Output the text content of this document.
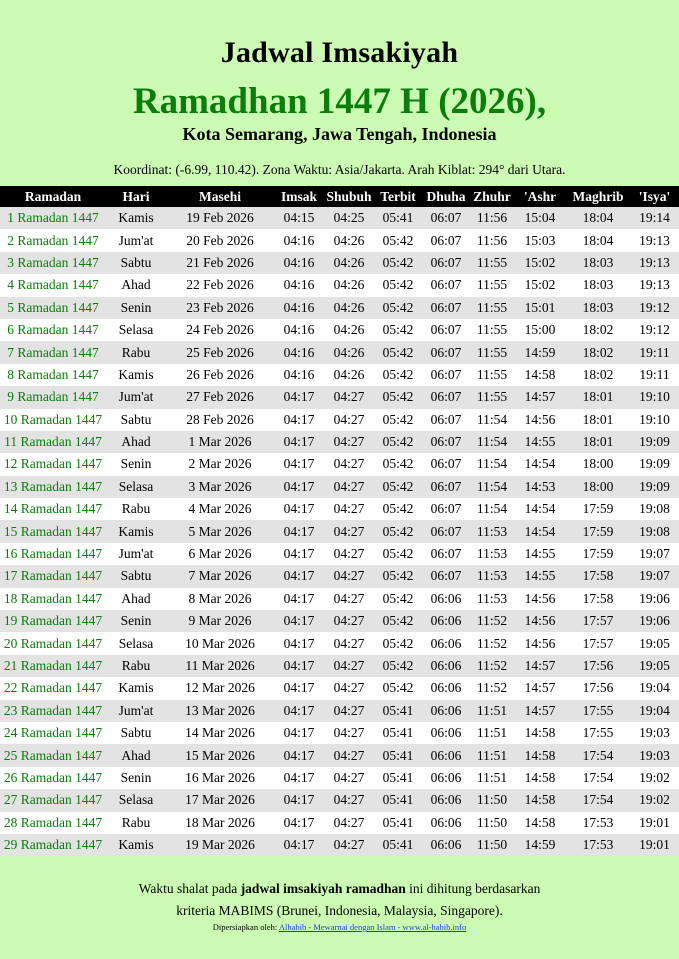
Jadwal Imsakiyah
Ramadhan 1447 H (2026),
Kota Semarang, Jawa Tengah, Indonesia
Koordinat: (-6.99, 110.42). Zona Waktu: Asia/Jakarta. Arah Kiblat: 294° dari Utara.
Ramadan	Hari	Masehi	Imsak	Shubuh	Terbit	Dhuha	Zhuhr	'Ashr	Maghrib	'Isya'
1 Ramadan 1447	Kamis	19 Feb 2026	04:15	04:25	05:41	06:07	11:56	15:04	18:04	19:14
2 Ramadan 1447	Jum'at	20 Feb 2026	04:16	04:26	05:42	06:07	11:56	15:03	18:04	19:13
3 Ramadan 1447	Sabtu	21 Feb 2026	04:16	04:26	05:42	06:07	11:55	15:02	18:03	19:13
4 Ramadan 1447	Ahad	22 Feb 2026	04:16	04:26	05:42	06:07	11:55	15:02	18:03	19:13
5 Ramadan 1447	Senin	23 Feb 2026	04:16	04:26	05:42	06:07	11:55	15:01	18:03	19:12
6 Ramadan 1447	Selasa	24 Feb 2026	04:16	04:26	05:42	06:07	11:55	15:00	18:02	19:12
7 Ramadan 1447	Rabu	25 Feb 2026	04:16	04:26	05:42	06:07	11:55	14:59	18:02	19:11
8 Ramadan 1447	Kamis	26 Feb 2026	04:16	04:26	05:42	06:07	11:55	14:58	18:02	19:11
9 Ramadan 1447	Jum'at	27 Feb 2026	04:17	04:27	05:42	06:07	11:55	14:57	18:01	19:10
10 Ramadan 1447	Sabtu	28 Feb 2026	04:17	04:27	05:42	06:07	11:54	14:56	18:01	19:10
11 Ramadan 1447	Ahad	1 Mar 2026	04:17	04:27	05:42	06:07	11:54	14:55	18:01	19:09
12 Ramadan 1447	Senin	2 Mar 2026	04:17	04:27	05:42	06:07	11:54	14:54	18:00	19:09
13 Ramadan 1447	Selasa	3 Mar 2026	04:17	04:27	05:42	06:07	11:54	14:53	18:00	19:09
14 Ramadan 1447	Rabu	4 Mar 2026	04:17	04:27	05:42	06:07	11:54	14:54	17:59	19:08
15 Ramadan 1447	Kamis	5 Mar 2026	04:17	04:27	05:42	06:07	11:53	14:54	17:59	19:08
16 Ramadan 1447	Jum'at	6 Mar 2026	04:17	04:27	05:42	06:07	11:53	14:55	17:59	19:07
17 Ramadan 1447	Sabtu	7 Mar 2026	04:17	04:27	05:42	06:07	11:53	14:55	17:58	19:07
18 Ramadan 1447	Ahad	8 Mar 2026	04:17	04:27	05:42	06:06	11:53	14:56	17:58	19:06
19 Ramadan 1447	Senin	9 Mar 2026	04:17	04:27	05:42	06:06	11:52	14:56	17:57	19:06
20 Ramadan 1447	Selasa	10 Mar 2026	04:17	04:27	05:42	06:06	11:52	14:56	17:57	19:05
21 Ramadan 1447	Rabu	11 Mar 2026	04:17	04:27	05:42	06:06	11:52	14:57	17:56	19:05
22 Ramadan 1447	Kamis	12 Mar 2026	04:17	04:27	05:42	06:06	11:52	14:57	17:56	19:04
23 Ramadan 1447	Jum'at	13 Mar 2026	04:17	04:27	05:41	06:06	11:51	14:57	17:55	19:04
24 Ramadan 1447	Sabtu	14 Mar 2026	04:17	04:27	05:41	06:06	11:51	14:58	17:55	19:03
25 Ramadan 1447	Ahad	15 Mar 2026	04:17	04:27	05:41	06:06	11:51	14:58	17:54	19:03
26 Ramadan 1447	Senin	16 Mar 2026	04:17	04:27	05:41	06:06	11:51	14:58	17:54	19:02
27 Ramadan 1447	Selasa	17 Mar 2026	04:17	04:27	05:41	06:06	11:50	14:58	17:54	19:02
28 Ramadan 1447	Rabu	18 Mar 2026	04:17	04:27	05:41	06:06	11:50	14:58	17:53	19:01
29 Ramadan 1447	Kamis	19 Mar 2026	04:17	04:27	05:41	06:06	11:50	14:59	17:53	19:01
Waktu shalat pada jadwal imsakiyah ramadhan ini dihitung berdasarkan
kriteria MABIMS (Brunei, Indonesia, Malaysia, Singapore).
Dipersiapkan oleh: Alhabib - Mewarnai dengan Islam - www.al-habib.info
